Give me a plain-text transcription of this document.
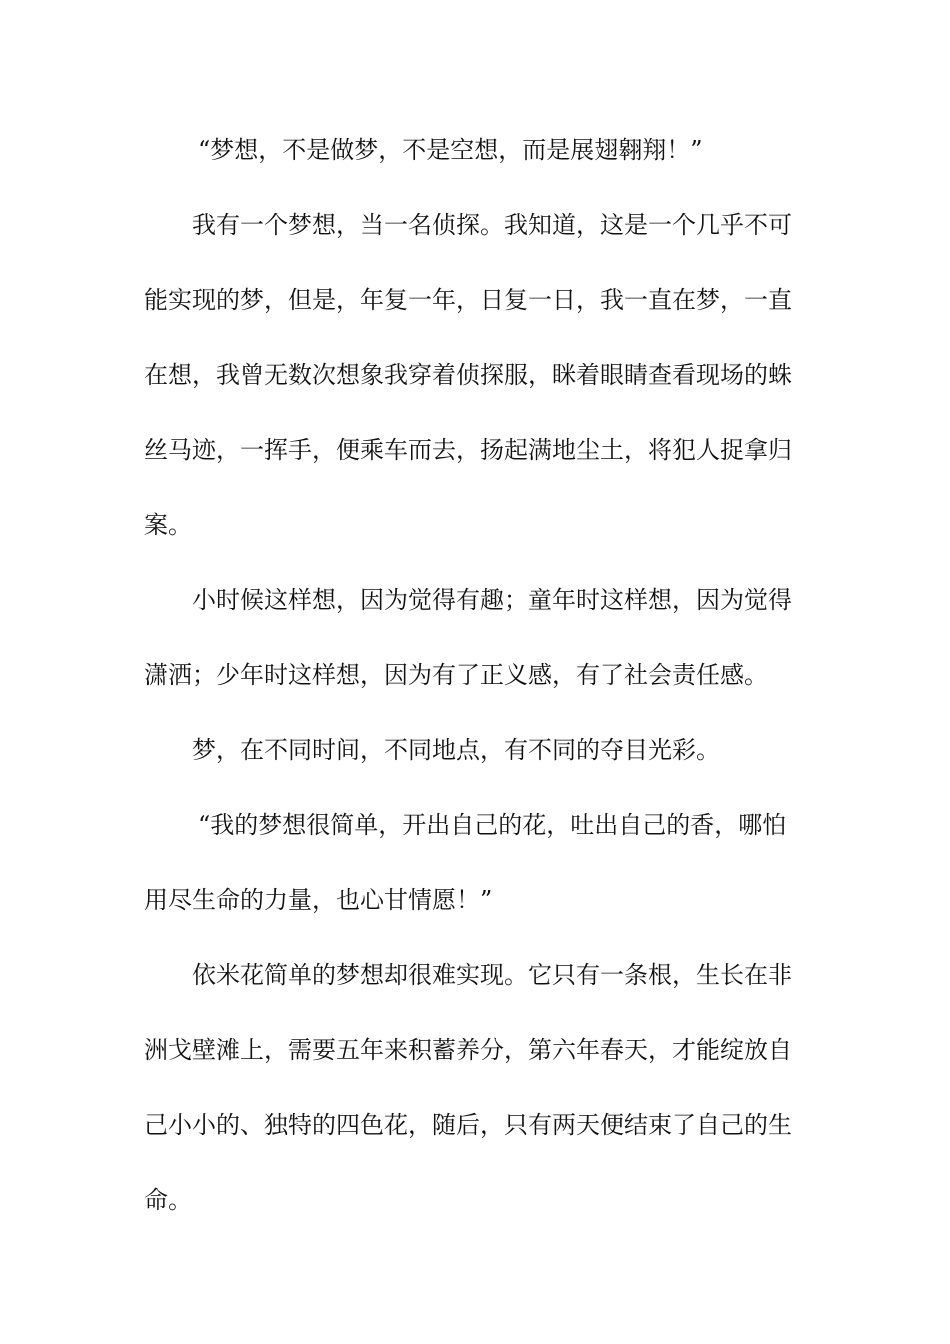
“梦想，不是做梦，不是空想，而是展翅翱翔！”
我有一个梦想，当一名侦探。我知道，这是一个几乎不可
能实现的梦，但是，年复一年，日复一日，我一直在梦，一直
在想，我曾无数次想象我穿着侦探服，眯着眼睛查看现场的蛛
丝马迹，一挥手，便乘车而去，扬起满地尘土，将犯人捉拿归
案。
小时候这样想，因为觉得有趣；童年时这样想，因为觉得
潇洒；少年时这样想，因为有了正义感，有了社会责任感。
梦，在不同时间，不同地点，有不同的夺目光彩。
“我的梦想很简单，开出自己的花，吐出自己的香，哪怕
用尽生命的力量，也心甘情愿！”
依米花简单的梦想却很难实现。它只有一条根，生长在非
洲戈壁滩上，需要五年来积蓄养分，第六年春天，才能绽放自
己小小的、独特的四色花，随后，只有两天便结束了自己的生
命。
